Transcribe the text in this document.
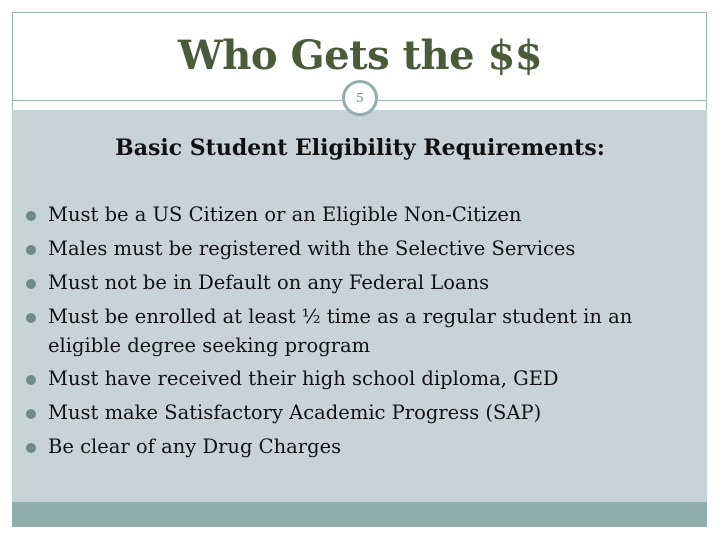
Who Gets the $$
5
Basic Student Eligibility Requirements:
Must be a US Citizen or an Eligible Non-Citizen
Males must be registered with the Selective Services
Must not be in Default on any Federal Loans
Must be enrolled at least ½ time as a regular student in an eligible degree seeking program
Must have received their high school diploma, GED
Must make Satisfactory Academic Progress (SAP)
Be clear of any Drug Charges
